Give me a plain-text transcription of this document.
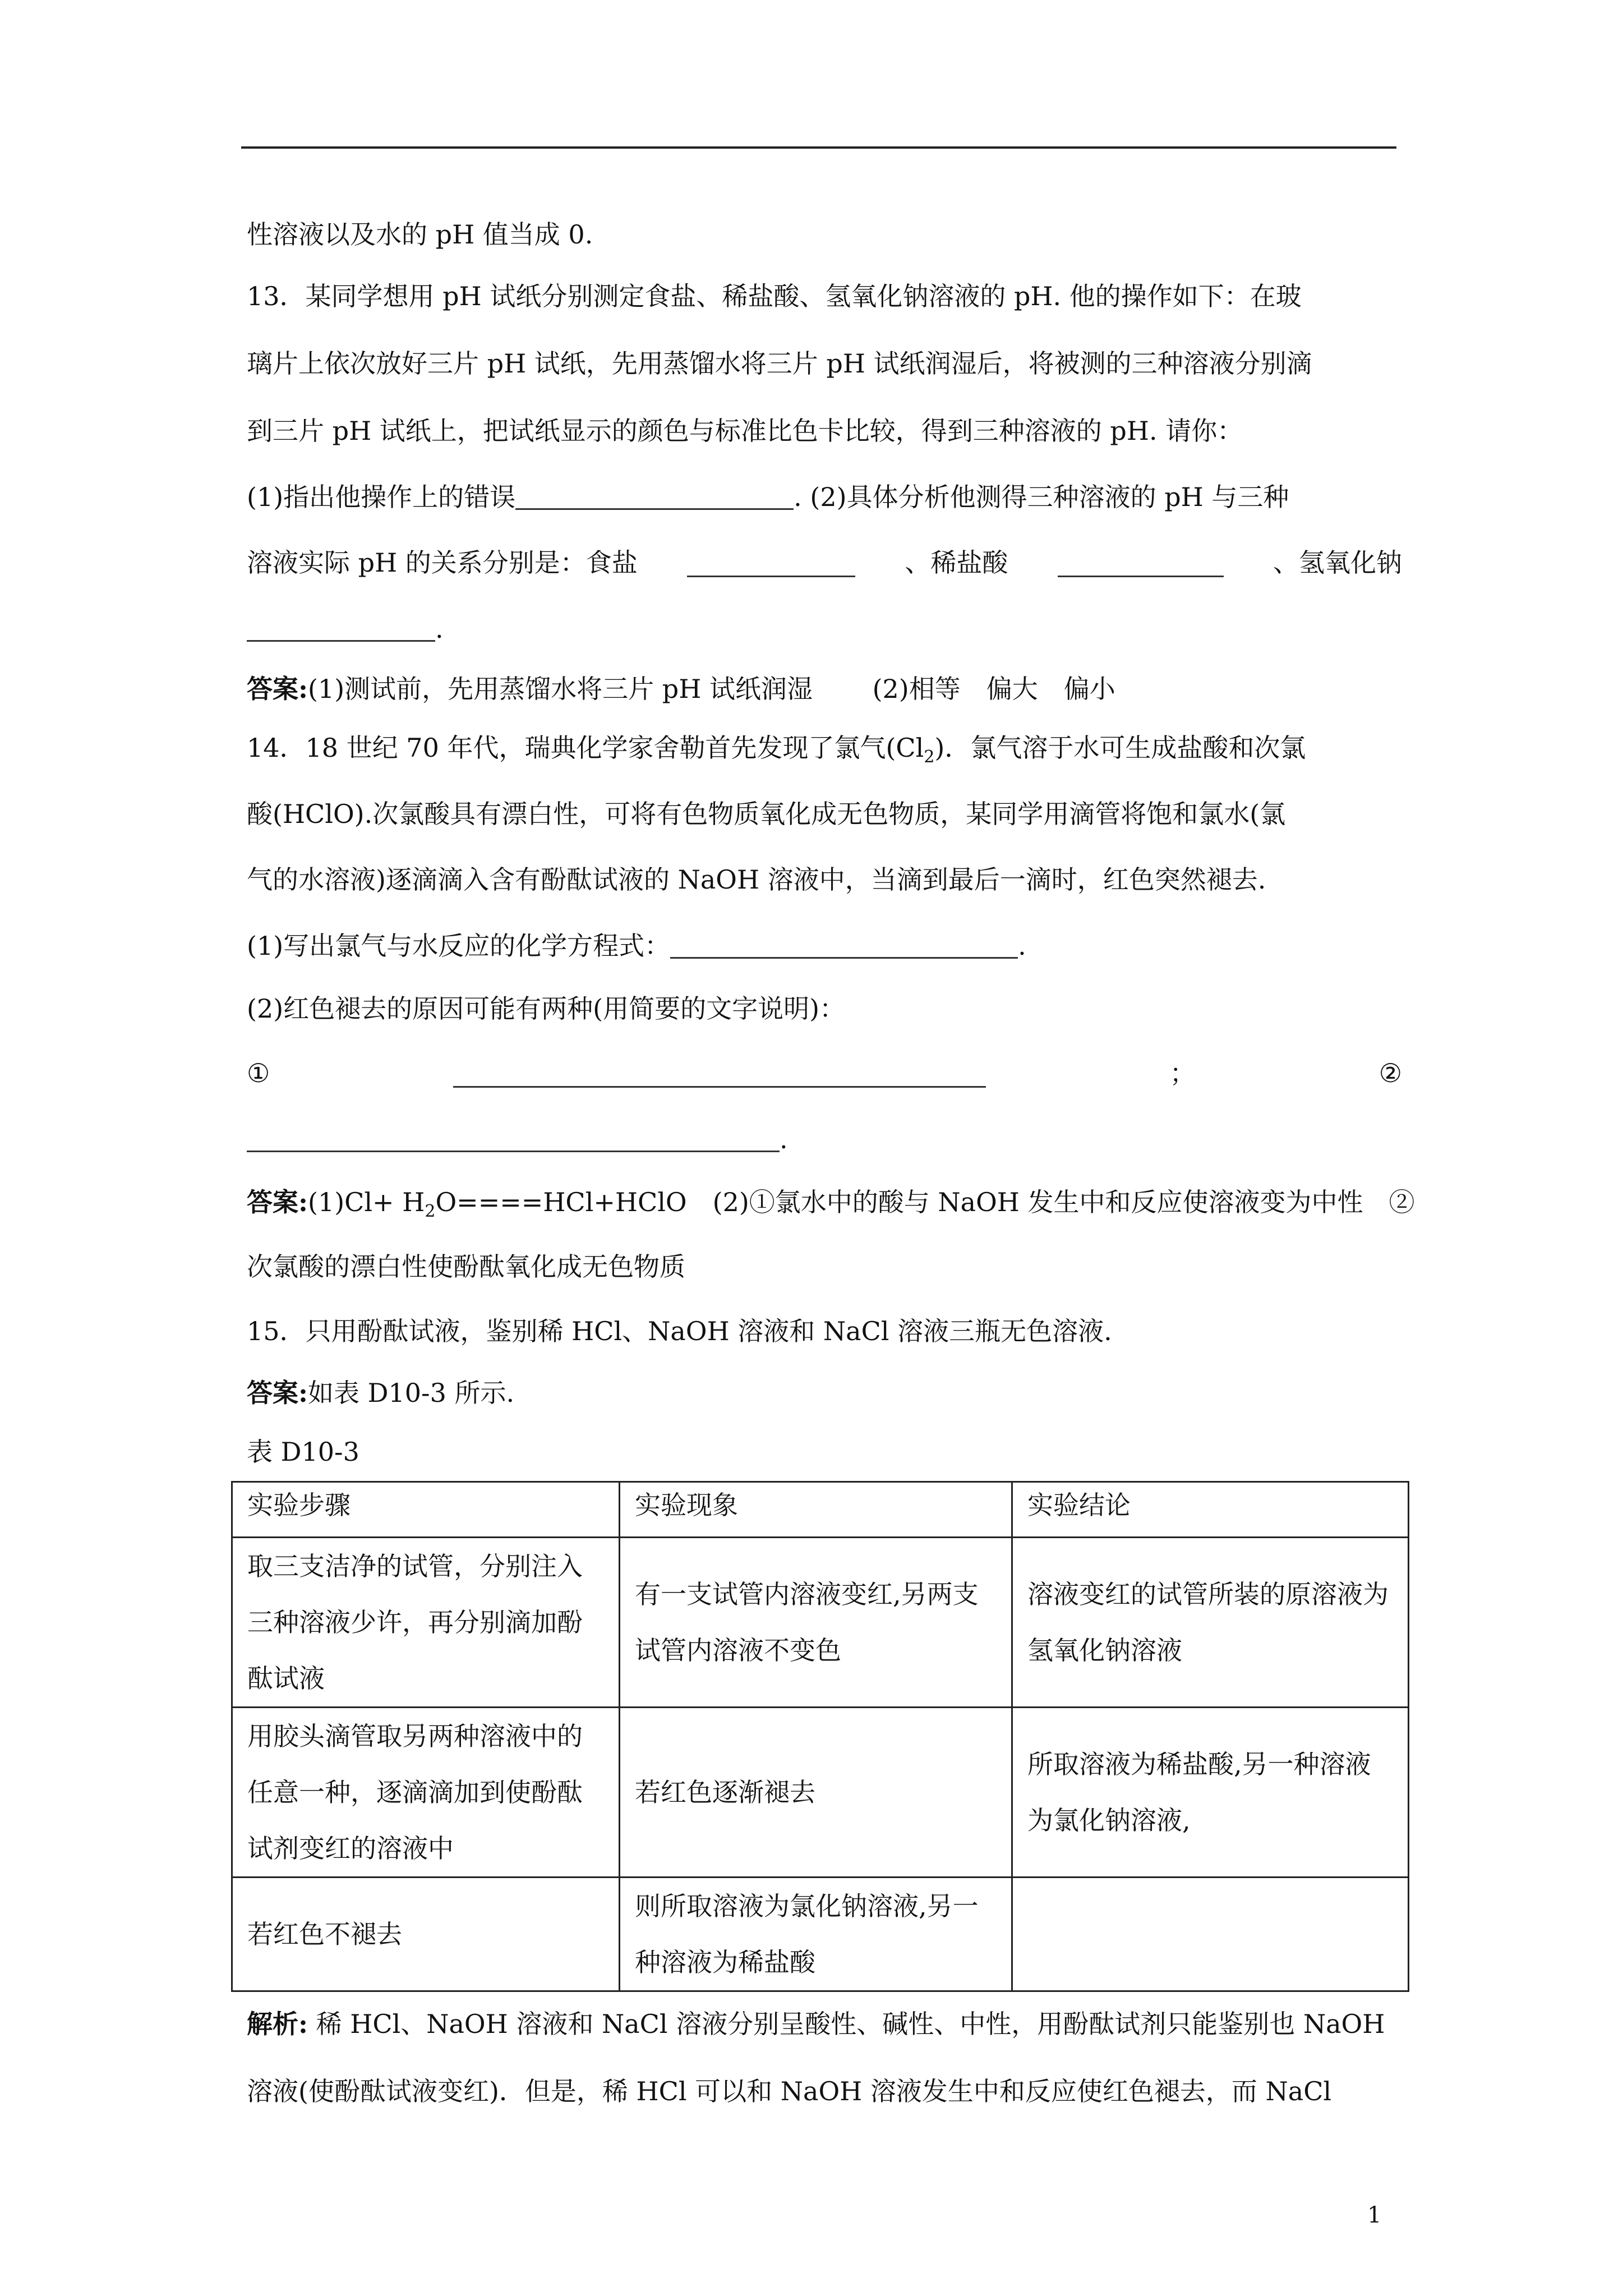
性溶液以及水的 pH 值当成 0.
13．某同学想用 pH 试纸分别测定食盐、稀盐酸、氢氧化钠溶液的 pH. 他的操作如下：在玻
璃片上依次放好三片 pH 试纸，先用蒸馏水将三片 pH 试纸润湿后，将被测的三种溶液分别滴
到三片 pH 试纸上，把试纸显示的颜色与标准比色卡比较，得到三种溶液的 pH. 请你：
(1)指出他操作上的错误	. (2)具体分析他测得三种溶液的 pH 与三种
溶液实际 pH 的关系分别是：食盐	、稀盐酸	、氢氧化钠
.
答案:(1)测试前，先用蒸馏水将三片 pH 试纸润湿　　 (2)相等　偏大　偏小
14．18 世纪 70 年代，瑞典化学家舍勒首先发现了氯气$(Cl_2)$．氯气溶于水可生成盐酸和次氯
酸(HClO).次氯酸具有漂白性，可将有色物质氧化成无色物质，某同学用滴管将饱和氯水(氯
气的水溶液)逐滴滴入含有酚酞试液的 NaOH 溶液中，当滴到最后一滴时，红色突然褪去.
(1)写出氯气与水反应的化学方程式：	.
(2)红色褪去的原因可能有两种(用简要的文字说明)：
①	；	②
.
答案:(1)Cl+ $H_2O====HCl+HClO$　(2)①氯水中的酸与 NaOH 发生中和反应使溶液变为中性　②
次氯酸的漂白性使酚酞氧化成无色物质
15．只用酚酞试液，鉴别稀 HCl、NaOH 溶液和 NaCl 溶液三瓶无色溶液.
答案:如表 D10-3 所示.
表 D10-3
实验步骤	实验现象	实验结论
取三支洁净的试管，分别注入三种溶液少许，再分别滴加酚酞试液	有一支试管内溶液变红,另两支试管内溶液不变色	溶液变红的试管所装的原溶液为氢氧化钠溶液
用胶头滴管取另两种溶液中的任意一种，逐滴滴加到使酚酞试剂变红的溶液中	若红色逐渐褪去	所取溶液为稀盐酸,另一种溶液为氯化钠溶液,
若红色不褪去	则所取溶液为氯化钠溶液,另一种溶液为稀盐酸	
解析: 稀 HCl、NaOH 溶液和 NaCl 溶液分别呈酸性、碱性、中性，用酚酞试剂只能鉴别也 NaOH
溶液(使酚酞试液变红)．但是，稀 HCl 可以和 NaOH 溶液发生中和反应使红色褪去，而 NaCl
1
